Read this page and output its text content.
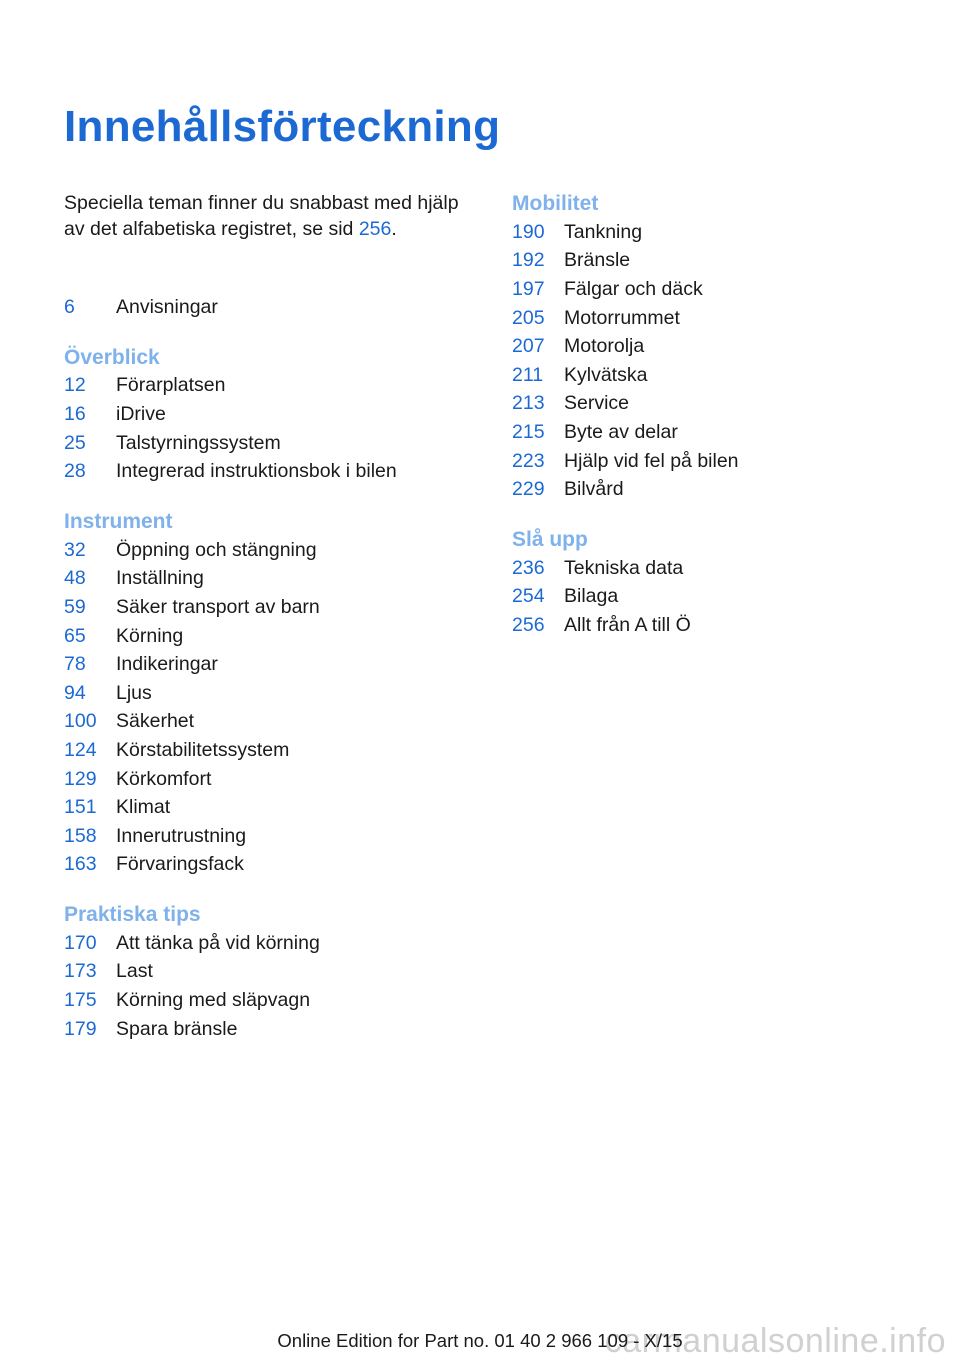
Innehållsförteckning

Speciella teman finner du snabbast med hjälp av det alfabetiska registret, se sid 256.

6	Anvisningar
Överblick
12	Förarplatsen
16	iDrive
25	Talstyrningssystem
28	Integrerad instruktionsbok i bilen
Instrument
32	Öppning och stängning
48	Inställning
59	Säker transport av barn
65	Körning
78	Indikeringar
94	Ljus
100 Säkerhet
124 Körstabilitetssystem
129 Körkomfort
151 Klimat
158 Innerutrustning
163 Förvaringsfack
Praktiska tips
170 Att tänka på vid körning
173 Last
175 Körning med släpvagn
179 Spara bränsle
Mobilitet
190 Tankning
192 Bränsle
197 Fälgar och däck
205 Motorrummet
207 Motorolja
211	Kylvätska
213 Service
215 Byte av delar
223 Hjälp vid fel på bilen
229 Bilvård
Slå upp
236 Tekniska data
254 Bilaga
256 Allt från A till Ö
carmanualsonline.info
Online Edition for Part no. 01 40 2 966 109 - X/15
